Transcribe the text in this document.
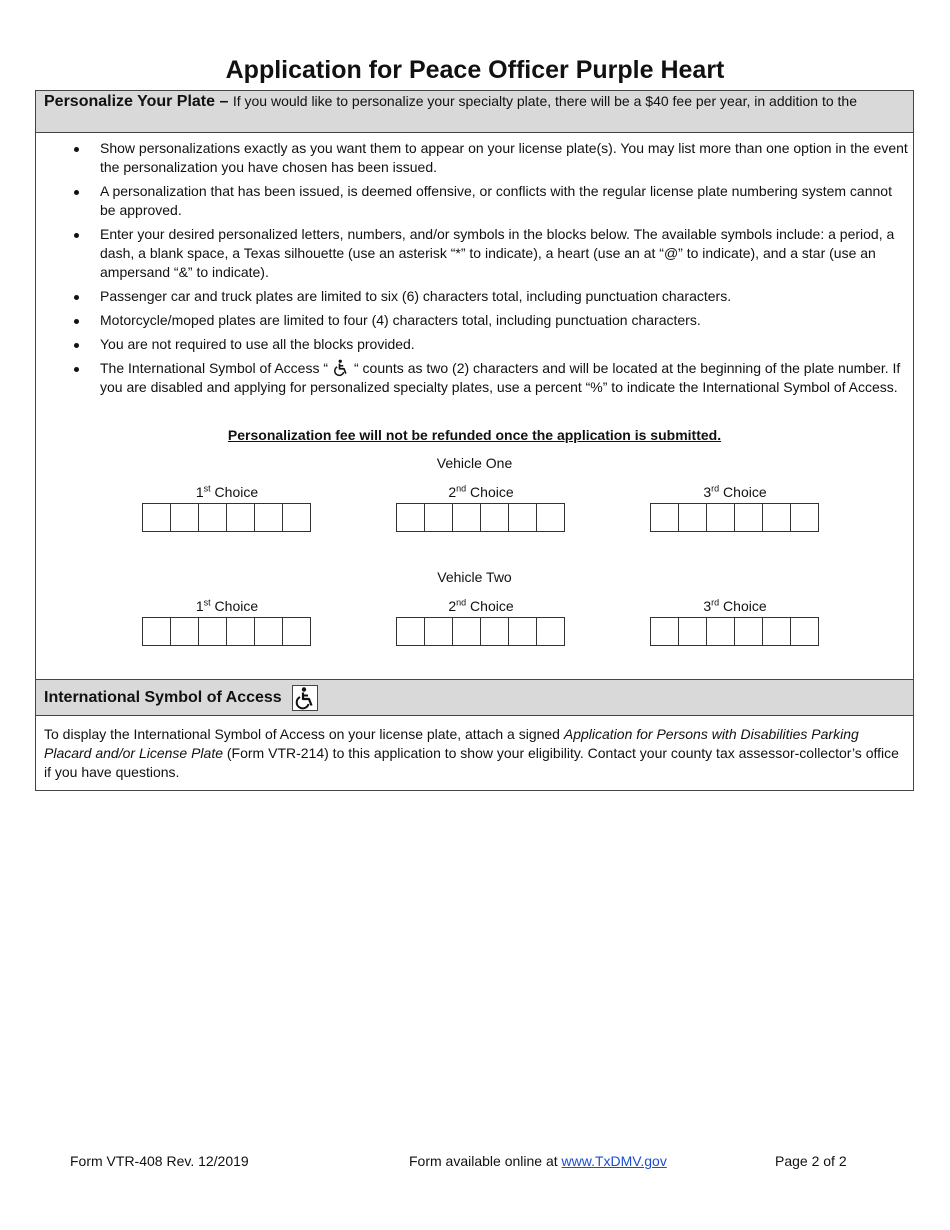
Application for Peace Officer Purple Heart
Personalize Your Plate – If you would like to personalize your specialty plate, there will be a $40 fee per year, in addition to the
Show personalizations exactly as you want them to appear on your license plate(s). You may list more than one option in the event the personalization you have chosen has been issued.
A personalization that has been issued, is deemed offensive, or conflicts with the regular license plate numbering system cannot be approved.
Enter your desired personalized letters, numbers, and/or symbols in the blocks below. The available symbols include: a period, a dash, a blank space, a Texas silhouette (use an asterisk “*” to indicate), a heart (use an at “@” to indicate), and a star (use an ampersand “&” to indicate).
Passenger car and truck plates are limited to six (6) characters total, including punctuation characters.
Motorcycle/moped plates are limited to four (4) characters total, including punctuation characters.
You are not required to use all the blocks provided.
The International Symbol of Access “ “ counts as two (2) characters and will be located at the beginning of the plate number. If you are disabled and applying for personalized specialty plates, use a percent “%” to indicate the International Symbol of Access.
Personalization fee will not be refunded once the application is submitted.
Vehicle One
1st Choice	2nd Choice	3rd Choice
Vehicle Two
1st Choice	2nd Choice	3rd Choice
International Symbol of Access
To display the International Symbol of Access on your license plate, attach a signed Application for Persons with Disabilities Parking Placard and/or License Plate (Form VTR-214) to this application to show your eligibility. Contact your county tax assessor-collector’s office if you have questions.
Form VTR-408 Rev. 12/2019	Form available online at www.TxDMV.gov	Page 2 of 2
